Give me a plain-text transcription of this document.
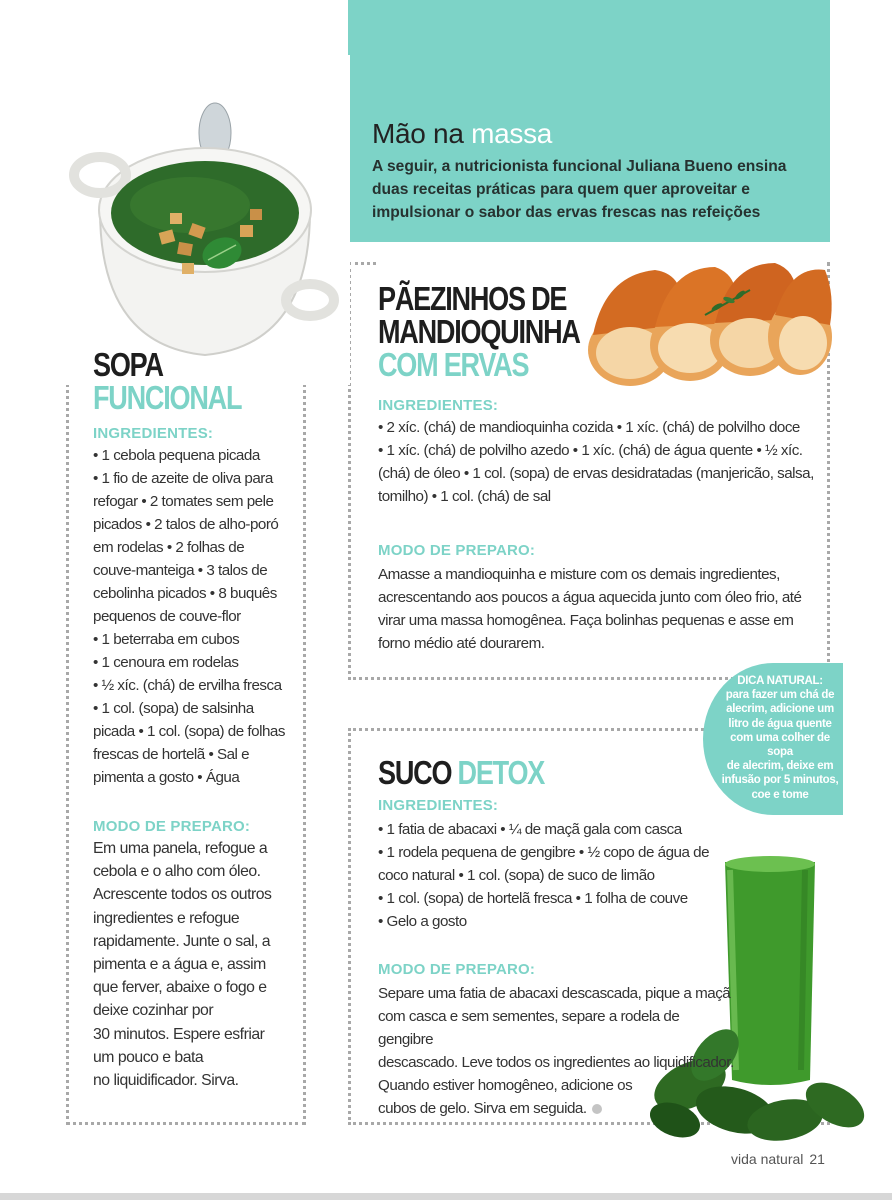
Mão na massa
A seguir, a nutricionista funcional Juliana Bueno ensina duas receitas práticas para quem quer aproveitar e impulsionar o sabor das ervas frescas nas refeições
SOPA
FUNCIONAL
INGREDIENTES:
• 1 cebola pequena picada
• 1 fio de azeite de oliva para
refogar • 2 tomates sem pele
picados • 2 talos de alho-poró
em rodelas • 2 folhas de
couve-manteiga • 3 talos de
cebolinha picados • 8 buquês
pequenos de couve-flor
• 1 beterraba em cubos
• 1 cenoura em rodelas
• ½ xíc. (chá) de ervilha fresca
• 1 col. (sopa) de salsinha
picada • 1 col. (sopa) de folhas
frescas de hortelã • Sal e
pimenta a gosto • Água
MODO DE PREPARO:
Em uma panela, refogue a
cebola e o alho com óleo.
Acrescente todos os outros
ingredientes e refogue
rapidamente. Junte o sal, a
pimenta e a água e, assim
que ferver, abaixe o fogo e
deixe cozinhar por
30 minutos. Espere esfriar
um pouco e bata
no liquidificador. Sirva.
PÃEZINHOS DE
MANDIOQUINHA
COM ERVAS
INGREDIENTES:
• 2 xíc. (chá) de mandioquinha cozida • 1 xíc. (chá) de polvilho doce
• 1 xíc. (chá) de polvilho azedo • 1 xíc. (chá) de água quente • ½ xíc.
(chá) de óleo • 1 col. (sopa) de ervas desidratadas (manjericão, salsa,
tomilho) • 1 col. (chá) de sal
MODO DE PREPARO:
Amasse a mandioquinha e misture com os demais ingredientes,
acrescentando aos poucos a água aquecida junto com óleo frio, até
virar uma massa homogênea. Faça bolinhas pequenas e asse em
forno médio até dourarem.
DICA NATURAL:
para fazer um chá de
alecrim, adicione um
litro de água quente
com uma colher de sopa
de alecrim, deixe em
infusão por 5 minutos,
coe e tome
SUCO DETOX
INGREDIENTES:
• 1 fatia de abacaxi • ¼ de maçã gala com casca
• 1 rodela pequena de gengibre • ½ copo de água de
coco natural • 1 col. (sopa) de suco de limão
• 1 col. (sopa) de hortelã fresca • 1 folha de couve
• Gelo a gosto
MODO DE PREPARO:
Separe uma fatia de abacaxi descascada, pique a maçã
com casca e sem sementes, separe a rodela de gengibre
descascado. Leve todos os ingredientes ao liquidificador.
Quando estiver homogêneo, adicione os
cubos de gelo. Sirva em seguida.
vida natural 21
